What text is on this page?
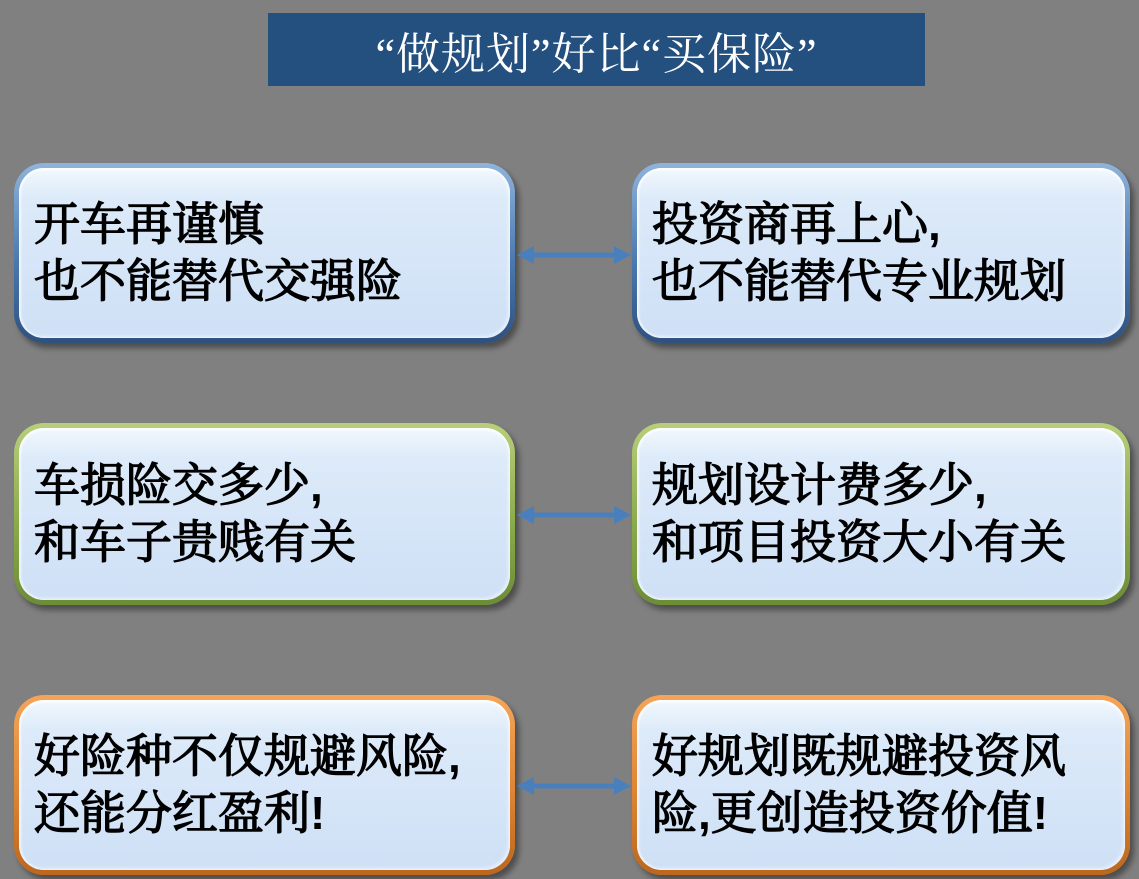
“做规划”好比“买保险”
开车再谨慎
也不能替代交强险
投资商再上心,
也不能替代专业规划
车损险交多少,
和车子贵贱有关
规划设计费多少,
和项目投资大小有关
好险种不仅规避风险,
还能分红盈利!
好规划既规避投资风
险,更创造投资价值!
